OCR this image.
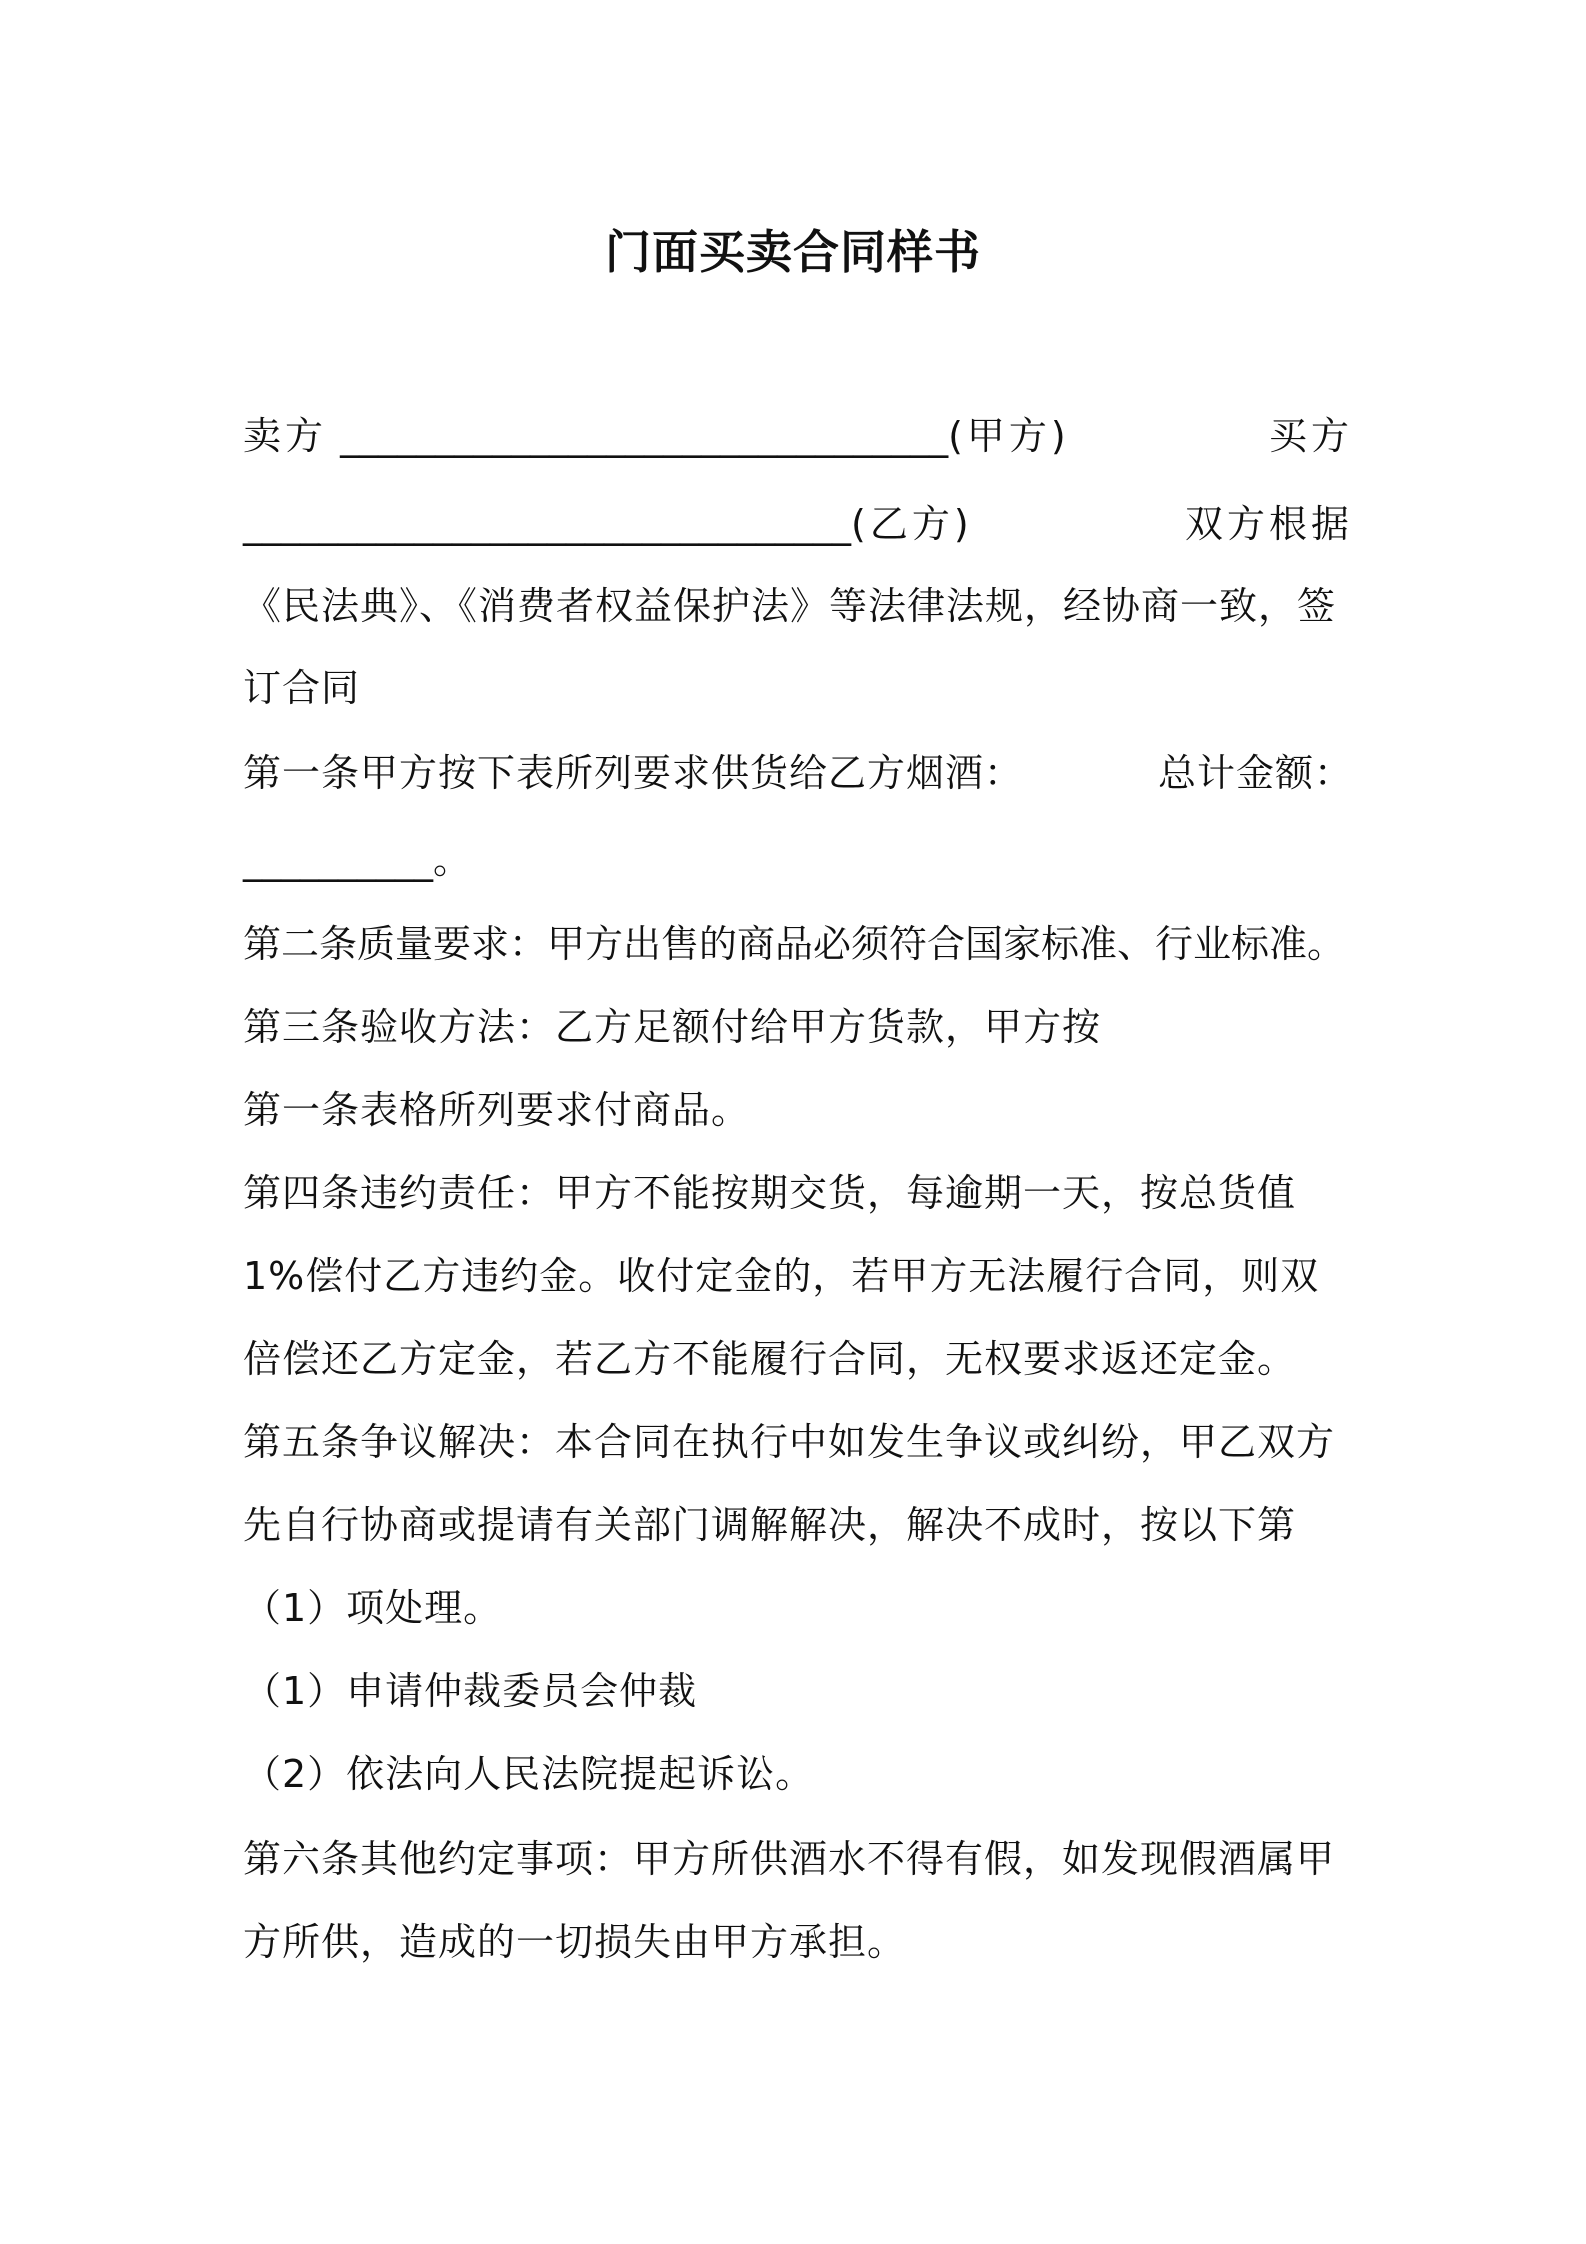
门面买卖合同样书
卖方 ________________________________(甲方)	买方
________________________________(乙方)	双方根据
《民法典》、《消费者权益保护法》等法律法规，经协商一致，签
订合同
第一条甲方按下表所列要求供货给乙方烟酒：	总计金额：
__________。
第二条质量要求：甲方出售的商品必须符合国家标准、行业标准。
第三条验收方法：乙方足额付给甲方货款，甲方按
第一条表格所列要求付商品。
第四条违约责任：甲方不能按期交货，每逾期一天，按总货值
1%偿付乙方违约金。收付定金的，若甲方无法履行合同，则双
倍偿还乙方定金，若乙方不能履行合同，无权要求返还定金。
第五条争议解决：本合同在执行中如发生争议或纠纷，甲乙双方
先自行协商或提请有关部门调解解决，解决不成时，按以下第
（1）项处理。
（1）申请仲裁委员会仲裁
（2）依法向人民法院提起诉讼。
第六条其他约定事项：甲方所供酒水不得有假，如发现假酒属甲
方所供，造成的一切损失由甲方承担。
